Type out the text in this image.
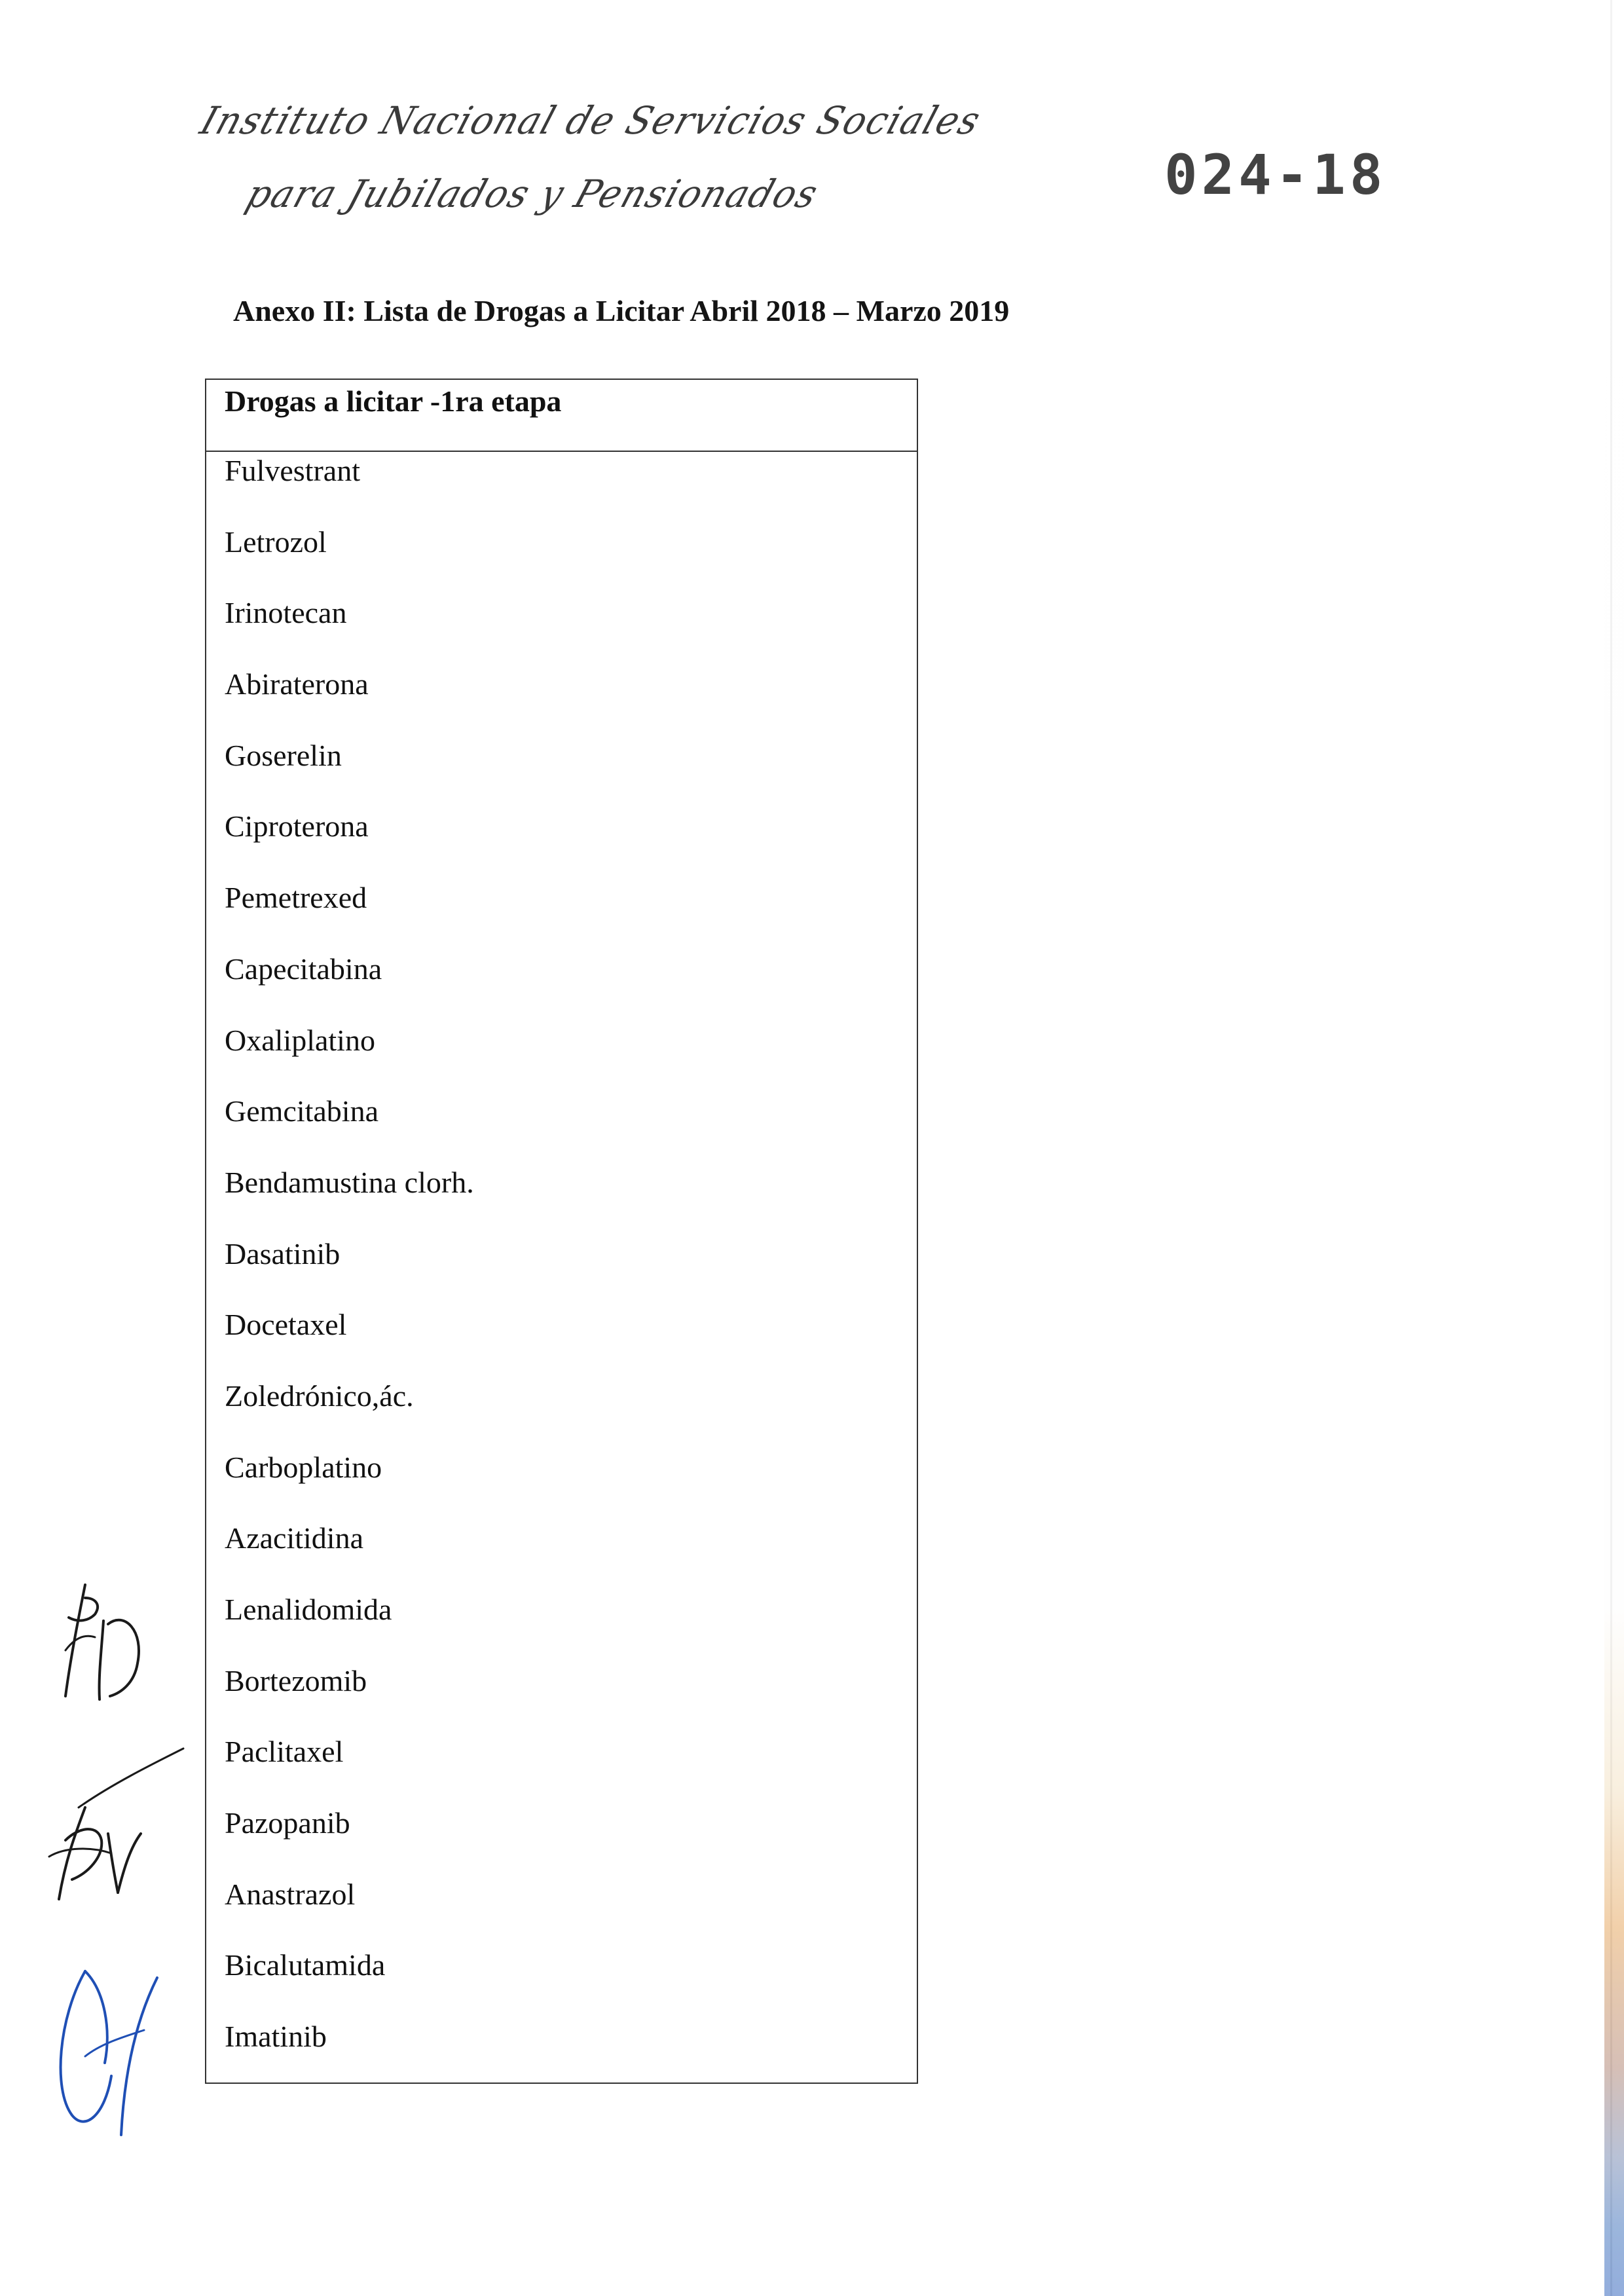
Instituto Nacional de Servicios Sociales
para Jubilados y Pensionados	024-18
Anexo II: Lista de Drogas a Licitar Abril 2018 – Marzo 2019
Drogas a licitar -1ra etapa
Fulvestrant
Letrozol
Irinotecan
Abiraterona
Goserelin
Ciproterona
Pemetrexed
Capecitabina
Oxaliplatino
Gemcitabina
Bendamustina clorh.
Dasatinib
Docetaxel
Zoledrónico,ác.
Carboplatino
Azacitidina
Lenalidomida
Bortezomib
Paclitaxel
Pazopanib
Anastrazol
Bicalutamida
Imatinib
